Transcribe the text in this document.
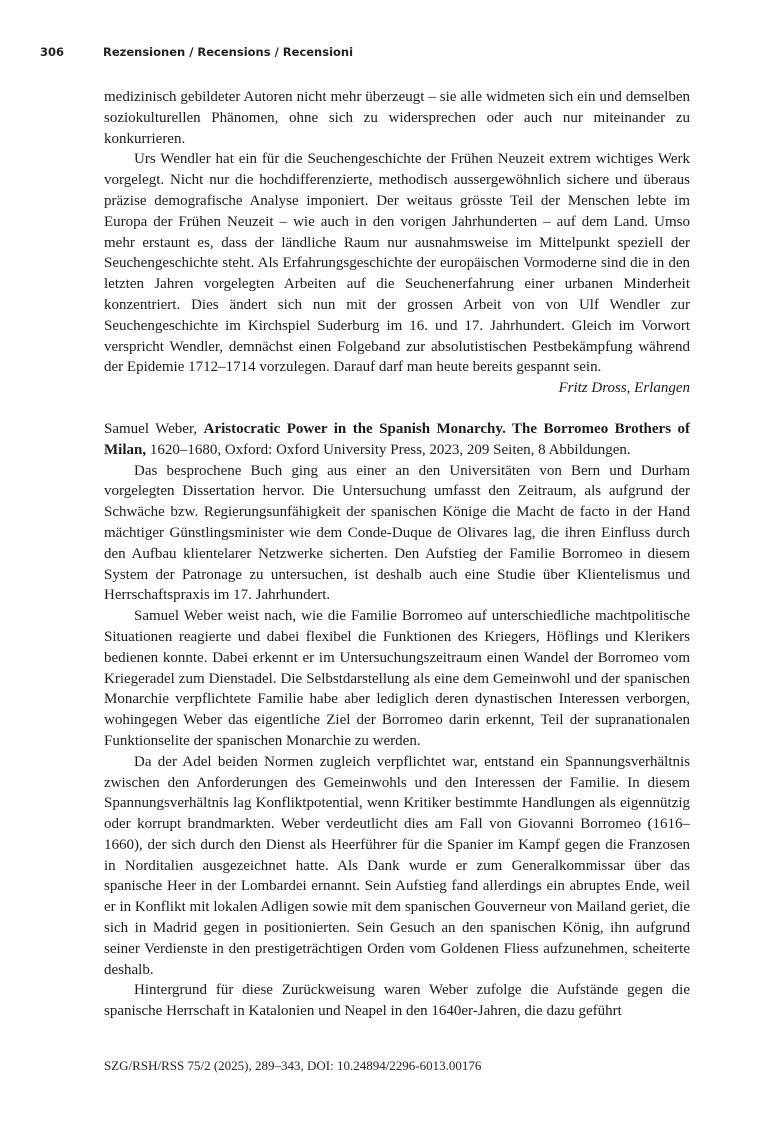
306	Rezensionen / Recensions / Recensioni

medizinisch gebildeter Autoren nicht mehr überzeugt – sie alle widmeten sich ein und demselben soziokulturellen Phänomen, ohne sich zu widersprechen oder auch nur miteinander zu konkurrieren.

Urs Wendler hat ein für die Seuchengeschichte der Frühen Neuzeit extrem wichtiges Werk vorgelegt. Nicht nur die hochdifferenzierte, methodisch aussergewöhnlich sichere und überaus präzise demografische Analyse imponiert. Der weitaus grösste Teil der Menschen lebte im Europa der Frühen Neuzeit – wie auch in den vorigen Jahrhunderten – auf dem Land. Umso mehr erstaunt es, dass der ländliche Raum nur ausnahmsweise im Mittelpunkt speziell der Seuchengeschichte steht. Als Erfahrungsgeschichte der europäischen Vormoderne sind die in den letzten Jahren vorgelegten Arbeiten auf die Seuchenerfahrung einer urbanen Minderheit konzentriert. Dies ändert sich nun mit der grossen Arbeit von von Ulf Wendler zur Seuchengeschichte im Kirchspiel Suderburg im 16. und 17. Jahrhundert. Gleich im Vorwort verspricht Wendler, demnächst einen Folgeband zur absolutistischen Pestbekämpfung während der Epidemie 1712–1714 vorzulegen. Darauf darf man heute bereits gespannt sein.

Fritz Dross, Erlangen

Samuel Weber, Aristocratic Power in the Spanish Monarchy. The Borromeo Brothers of Milan, 1620–1680, Oxford: Oxford University Press, 2023, 209 Seiten, 8 Abbildungen.

Das besprochene Buch ging aus einer an den Universitäten von Bern und Durham vorgelegten Dissertation hervor. Die Untersuchung umfasst den Zeitraum, als aufgrund der Schwäche bzw. Regierungsunfähigkeit der spanischen Könige die Macht de facto in der Hand mächtiger Günstlingsminister wie dem Conde-Duque de Olivares lag, die ihren Einfluss durch den Aufbau klientelarer Netzwerke sicherten. Den Aufstieg der Familie Borromeo in diesem System der Patronage zu untersuchen, ist deshalb auch eine Studie über Klientelismus und Herrschaftspraxis im 17. Jahrhundert.

Samuel Weber weist nach, wie die Familie Borromeo auf unterschiedliche machtpolitische Situationen reagierte und dabei flexibel die Funktionen des Kriegers, Höflings und Klerikers bedienen konnte. Dabei erkennt er im Untersuchungszeitraum einen Wandel der Borromeo vom Kriegeradel zum Dienstadel. Die Selbstdarstellung als eine dem Gemeinwohl und der spanischen Monarchie verpflichtete Familie habe aber lediglich deren dynastischen Interessen verborgen, wohingegen Weber das eigentliche Ziel der Borromeo darin erkennt, Teil der supranationalen Funktionselite der spanischen Monarchie zu werden.

Da der Adel beiden Normen zugleich verpflichtet war, entstand ein Spannungsverhältnis zwischen den Anforderungen des Gemeinwohls und den Interessen der Familie. In diesem Spannungsverhältnis lag Konfliktpotential, wenn Kritiker bestimmte Handlungen als eigennützig oder korrupt brandmarkten. Weber verdeutlicht dies am Fall von Giovanni Borromeo (1616–1660), der sich durch den Dienst als Heerführer für die Spanier im Kampf gegen die Franzosen in Norditalien ausgezeichnet hatte. Als Dank wurde er zum Generalkommissar über das spanische Heer in der Lombardei ernannt. Sein Aufstieg fand allerdings ein abruptes Ende, weil er in Konflikt mit lokalen Adligen sowie mit dem spanischen Gouverneur von Mailand geriet, die sich in Madrid gegen in positionierten. Sein Gesuch an den spanischen König, ihn aufgrund seiner Verdienste in den prestigeträchtigen Orden vom Goldenen Fliess aufzunehmen, scheiterte deshalb.

Hintergrund für diese Zurückweisung waren Weber zufolge die Aufstände gegen die spanische Herrschaft in Katalonien und Neapel in den 1640er-Jahren, die dazu geführt

SZG/RSH/RSS 75/2 (2025), 289–343, DOI: 10.24894/2296-6013.00176
